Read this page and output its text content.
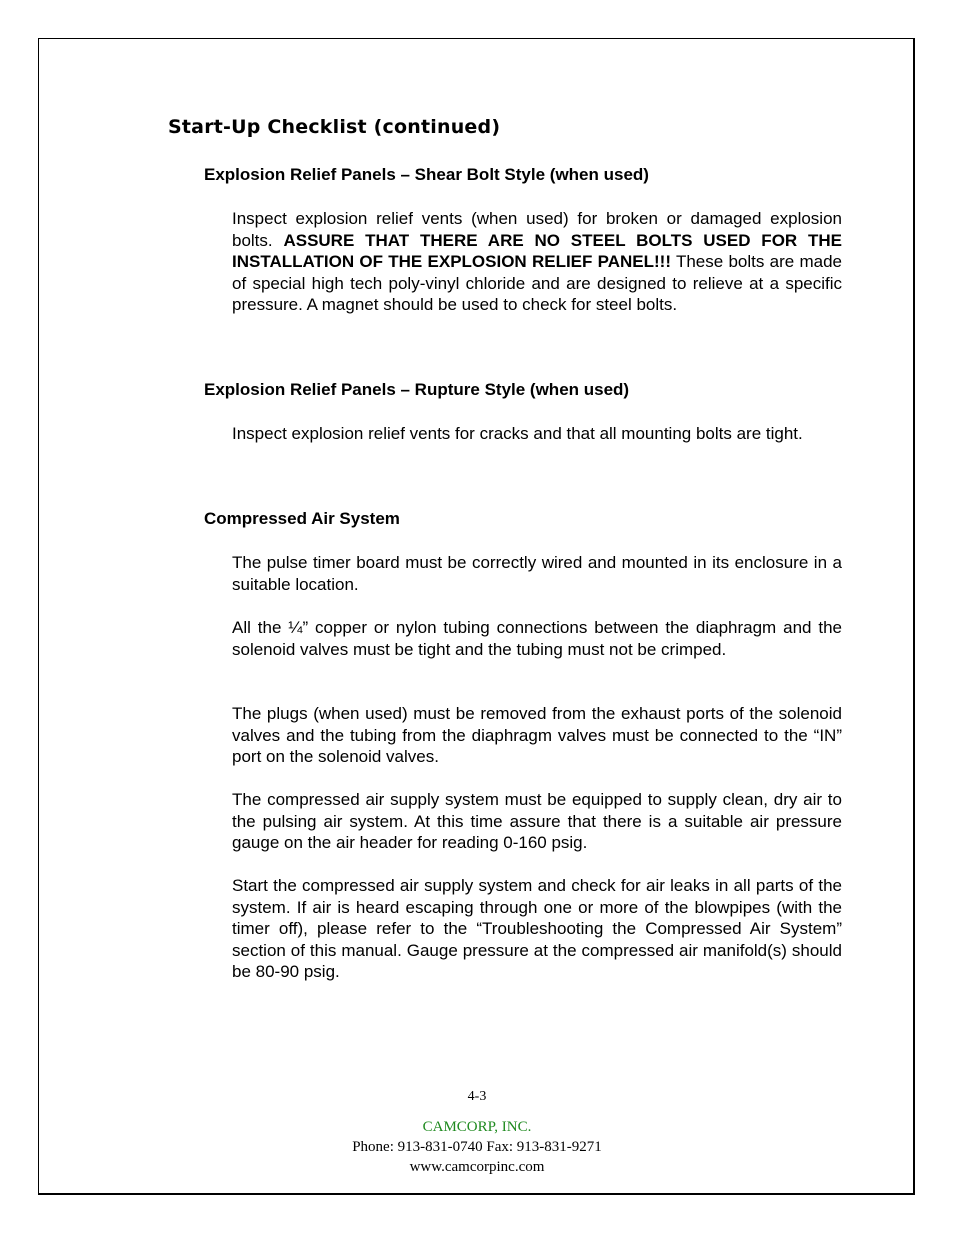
Start-Up Checklist (continued)
Explosion Relief Panels – Shear Bolt Style (when used)

Inspect explosion relief vents (when used) for broken or damaged explosion bolts. ASSURE THAT THERE ARE NO STEEL BOLTS USED FOR THE INSTALLATION OF THE EXPLOSION RELIEF PANEL!!! These bolts are made of special high tech poly-vinyl chloride and are designed to relieve at a specific pressure. A magnet should be used to check for steel bolts.

Explosion Relief Panels – Rupture Style (when used)

Inspect explosion relief vents for cracks and that all mounting bolts are tight.

Compressed Air System

The pulse timer board must be correctly wired and mounted in its enclosure in a suitable location.

All the ¼” copper or nylon tubing connections between the diaphragm and the solenoid valves must be tight and the tubing must not be crimped.

The plugs (when used) must be removed from the exhaust ports of the solenoid valves and the tubing from the diaphragm valves must be connected to the “IN” port on the solenoid valves.

The compressed air supply system must be equipped to supply clean, dry air to the pulsing air system. At this time assure that there is a suitable air pressure gauge on the air header for reading 0-160 psig.

Start the compressed air supply system and check for air leaks in all parts of the system. If air is heard escaping through one or more of the blowpipes (with the timer off), please refer to the “Troubleshooting the Compressed Air System” section of this manual. Gauge pressure at the compressed air manifold(s) should be 80-90 psig.

4-3

CAMCORP, INC.

Phone: 913-831-0740 Fax: 913-831-9271

www.camcorpinc.com
